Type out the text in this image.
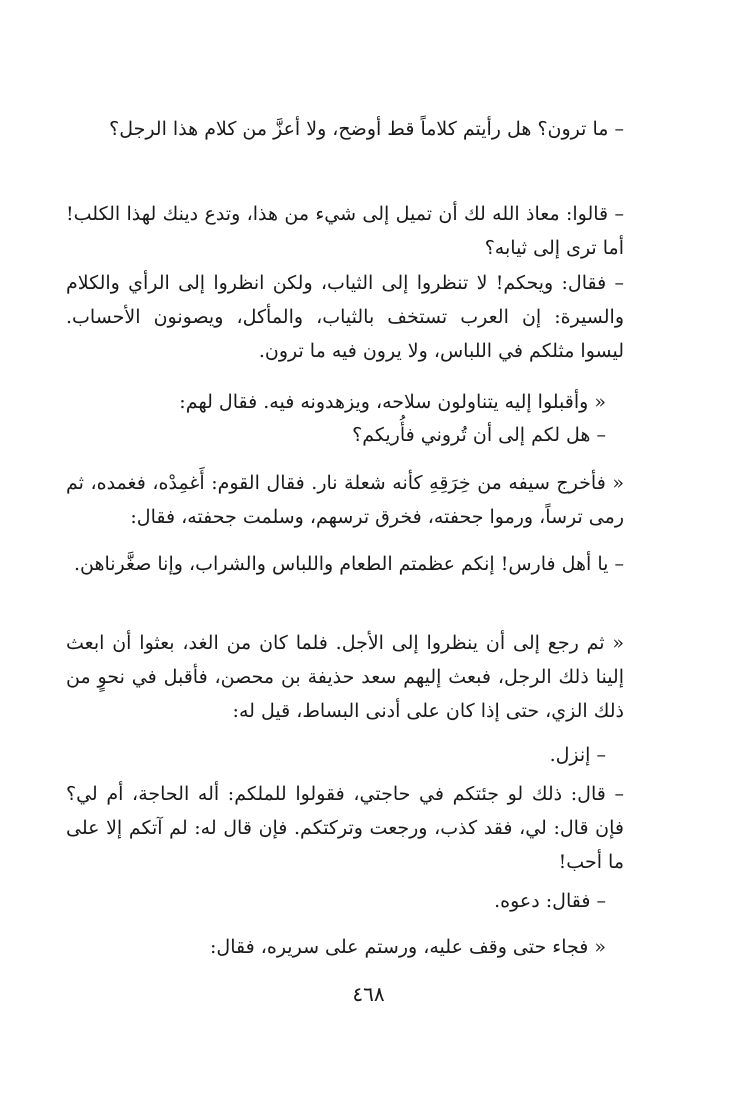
– ما ترون؟ هل رأيتم كلاماً قط أوضح، ولا أعزَّ من كلام هذا الرجل؟

– قالوا: معاذ الله لك أن تميل إلى شيء من هذا، وتدع دينك لهذا الكلب! أما ترى إلى ثيابه؟

– فقال: ويحكم! لا تنظروا إلى الثياب، ولكن انظروا إلى الرأي والكلام والسيرة: إن العرب تستخف بالثياب، والمأكل، ويصونون الأحساب. ليسوا مثلكم في اللباس، ولا يرون فيه ما ترون.

« وأقبلوا إليه يتناولون سلاحه، ويزهدونه فيه. فقال لهم:

– هل لكم إلى أن تُروني فأُريكم؟

« فأخرج سيفه من خِرَقِهِ كأنه شعلة نار. فقال القوم: أَغمِدْه، فغمده، ثم رمى ترساً، ورموا جحفته، فخرق ترسهم، وسلمت جحفته، فقال:

– يا أهل فارس! إنكم عظمتم الطعام واللباس والشراب، وإنا صغَّرناهن.

« ثم رجع إلى أن ينظروا إلى الأجل. فلما كان من الغد، بعثوا أن ابعث إلينا ذلك الرجل، فبعث إليهم سعد حذيفة بن محصن، فأقبل في نحوٍ من ذلك الزي، حتى إذا كان على أدنى البساط، قيل له:

– إنزل.

– قال: ذلك لو جئتكم في حاجتي، فقولوا للملكم: أله الحاجة، أم لي؟ فإن قال: لي، فقد كذب، ورجعت وتركتكم. فإن قال له: لم آتكم إلا على ما أحب!

– فقال: دعوه.

« فجاء حتى وقف عليه، ورستم على سريره، فقال:

٤٦٨
